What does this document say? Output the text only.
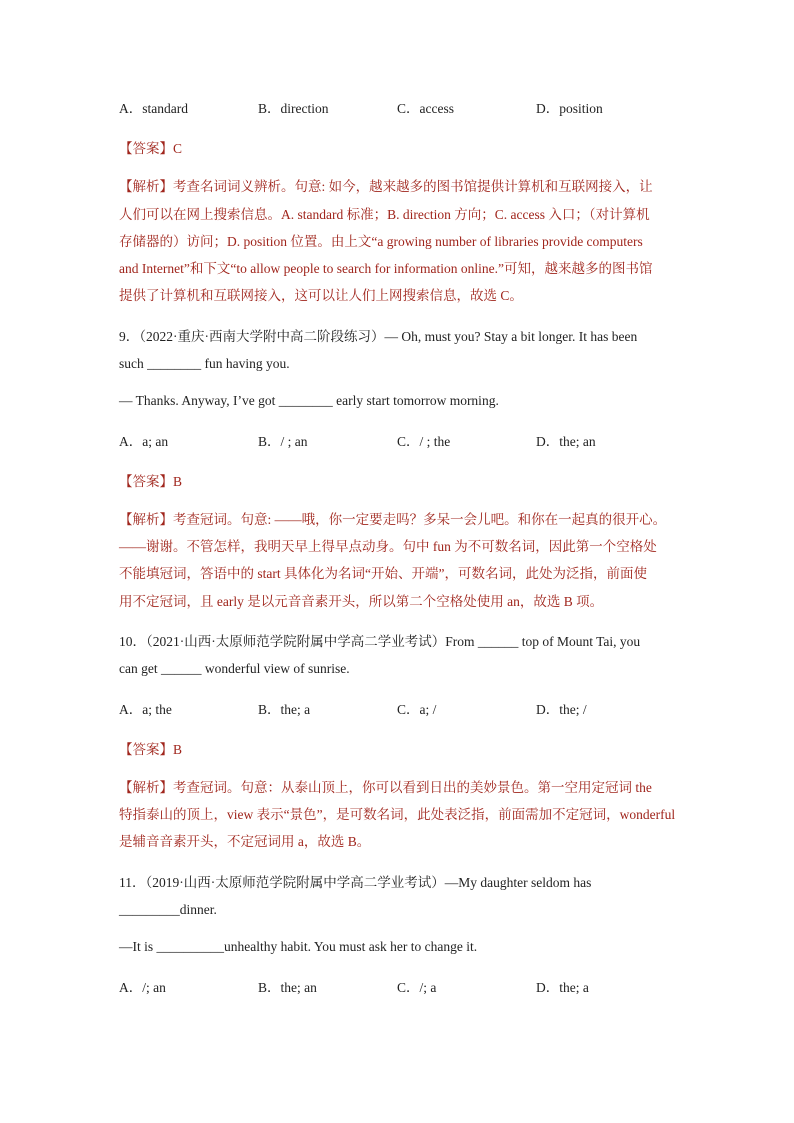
A．standard	B．direction	C．access	D．position
【答案】C
【解析】考查名词词义辨析。句意: 如今，越来越多的图书馆提供计算机和互联网接入，让
人们可以在网上搜索信息。A. standard 标准；B. direction 方向；C. access 入口；（对计算机
存储器的）访问；D. position 位置。由上文“a growing number of libraries provide computers
and Internet”和下文“to allow people to search for information online.”可知，越来越多的图书馆
提供了计算机和互联网接入，这可以让人们上网搜索信息，故选 C。
9．（2022·重庆·西南大学附中高二阶段练习）— Oh, must you? Stay a bit longer. It has been
such ________ fun having you.
— Thanks. Anyway, I’ve got ________ early start tomorrow morning.
A．a; an	B．/ ; an	C．/ ; the	D．the; an
【答案】B
【解析】考查冠词。句意: ——哦，你一定要走吗？多呆一会儿吧。和你在一起真的很开心。
——谢谢。不管怎样，我明天早上得早点动身。句中 fun 为不可数名词，因此第一个空格处
不能填冠词，答语中的 start 具体化为名词“开始、开端”，可数名词，此处为泛指，前面使
用不定冠词，且 early 是以元音音素开头，所以第二个空格处使用 an，故选 B 项。
10．（2021·山西·太原师范学院附属中学高二学业考试）From ______ top of Mount Tai, you
can get ______ wonderful view of sunrise.
A．a; the	B．the; a	C．a; /	D．the; /
【答案】B
【解析】考查冠词。句意：从泰山顶上，你可以看到日出的美妙景色。第一空用定冠词 the
特指泰山的顶上，view 表示“景色”，是可数名词，此处表泛指，前面需加不定冠词，wonderful
是辅音音素开头，不定冠词用 a，故选 B。
11．（2019·山西·太原师范学院附属中学高二学业考试）—My daughter seldom has
_________dinner.
—It is __________unhealthy habit. You must ask her to change it.
A．/; an	B．the; an	C．/; a	D．the; a
